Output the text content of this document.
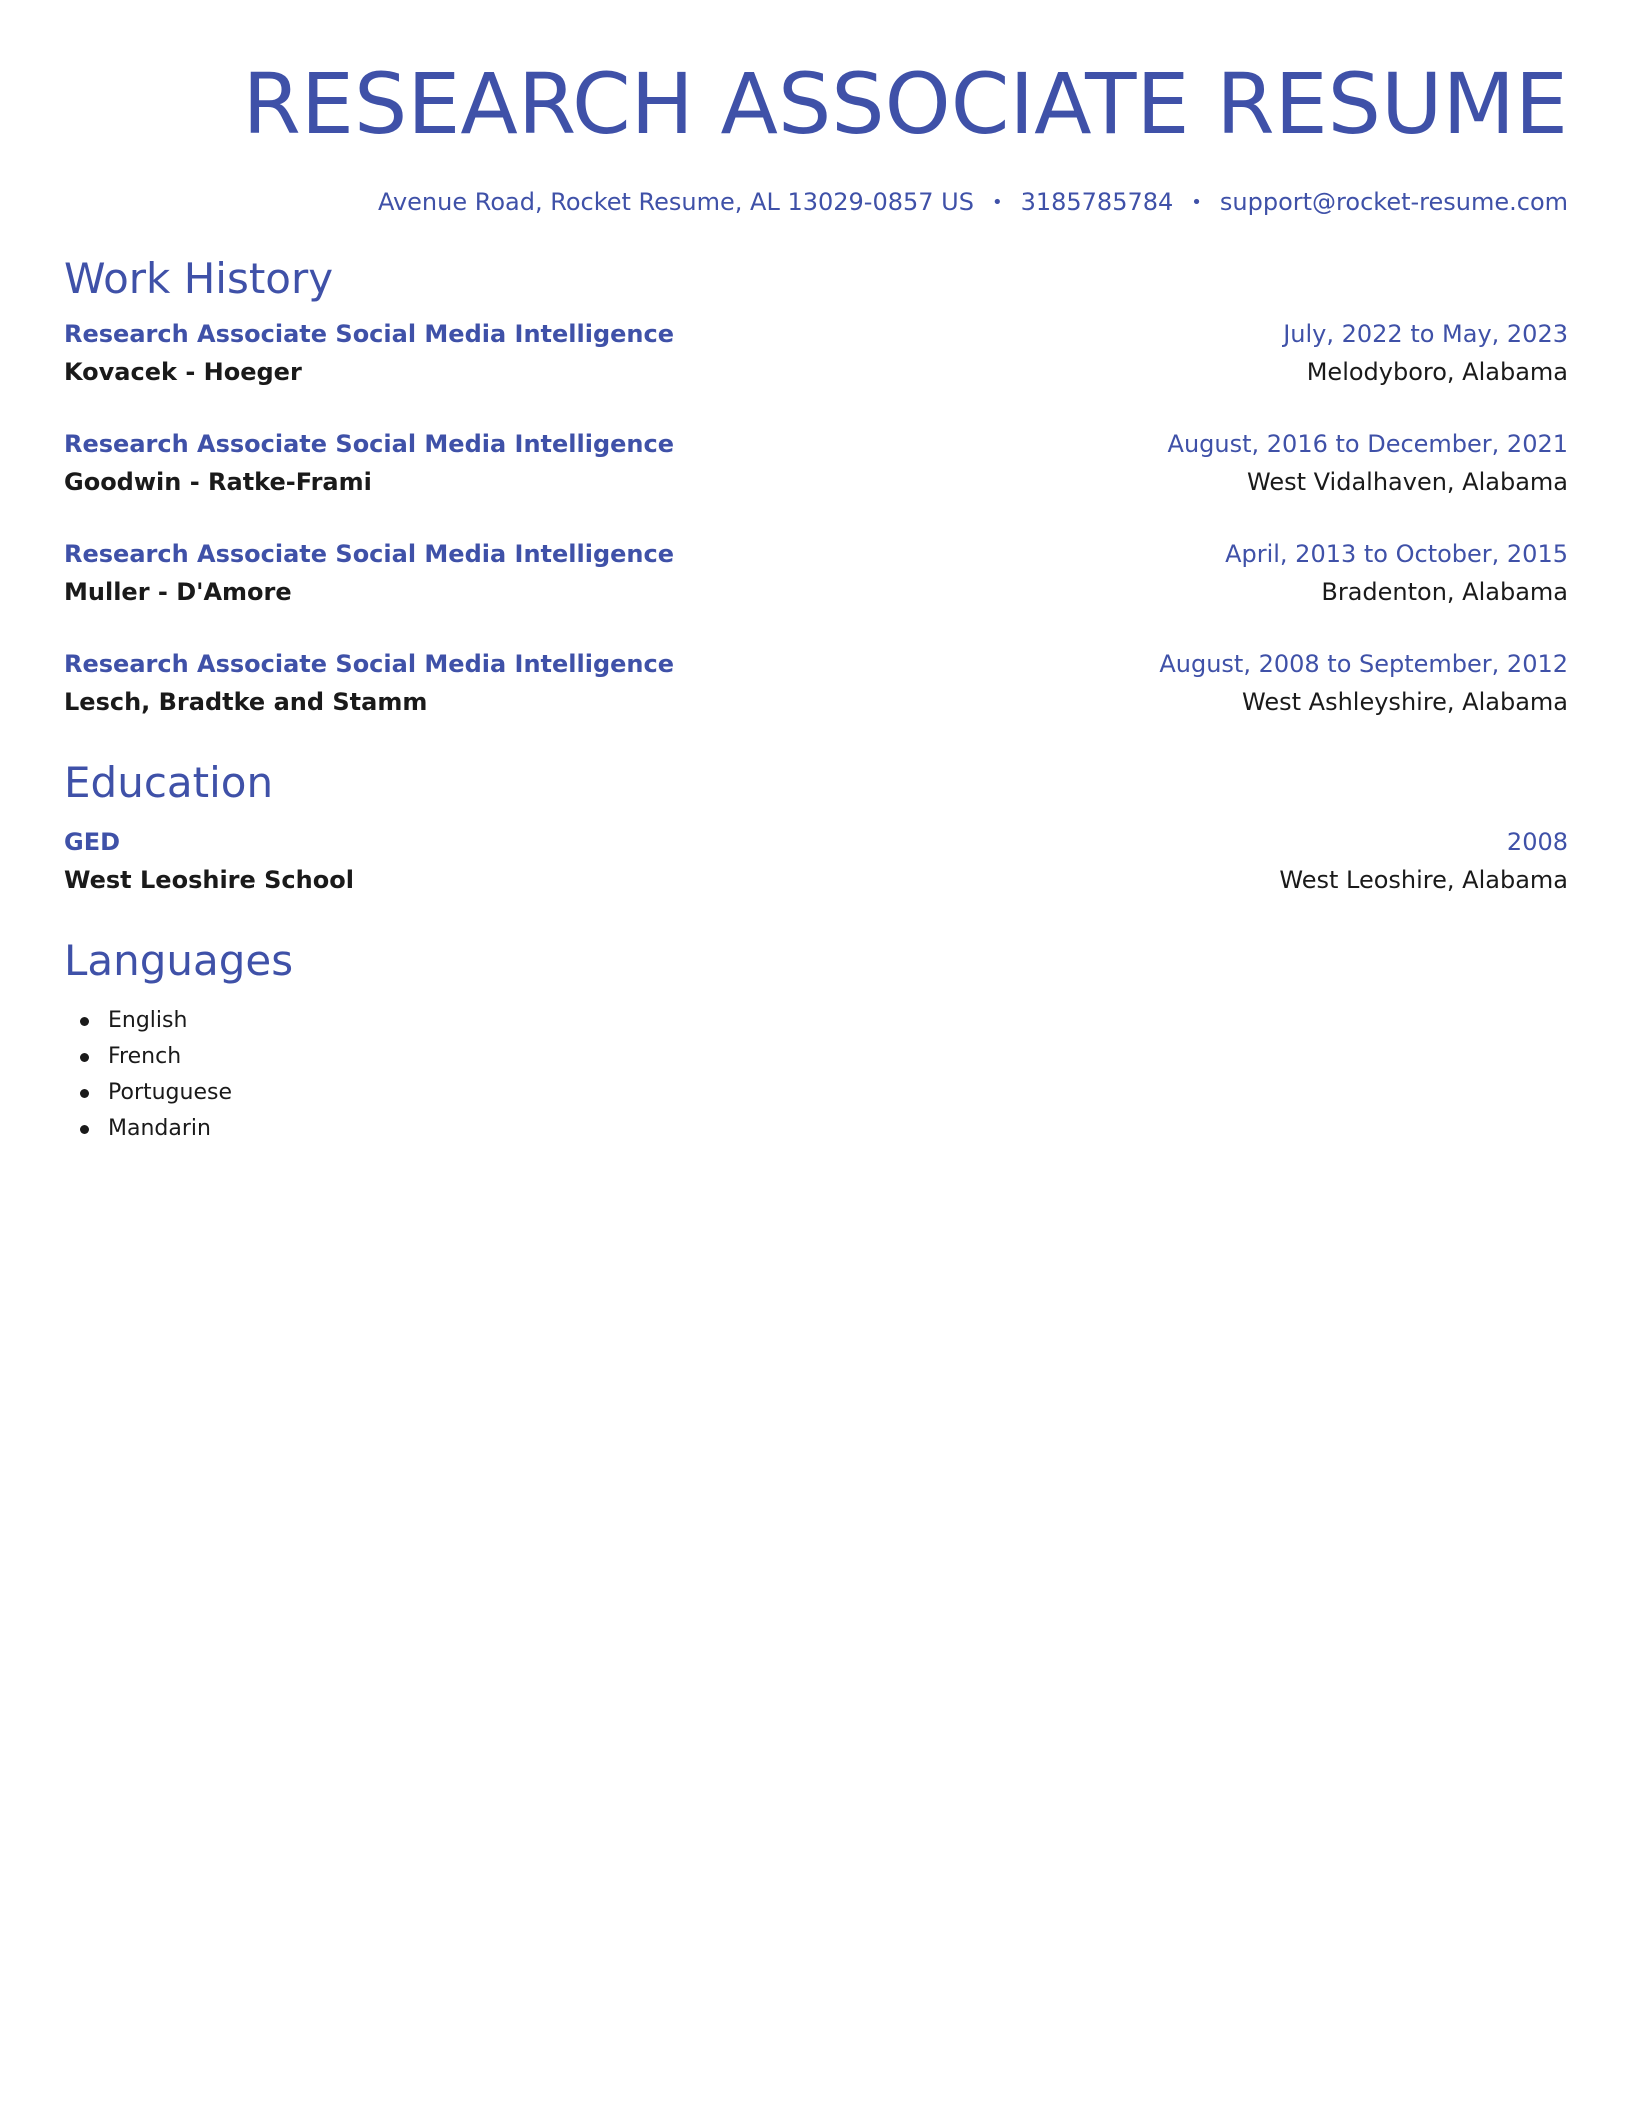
RESEARCH ASSOCIATE RESUME
Avenue Road, Rocket Resume, AL 13029-0857 US • 3185785784 • support@rocket-resume.com
Work History
Research Associate Social Media Intelligence
Kovacek - Hoeger
July, 2022 to May, 2023
Melodyboro, Alabama
Research Associate Social Media Intelligence
Goodwin - Ratke-Frami
August, 2016 to December, 2021
West Vidalhaven, Alabama
Research Associate Social Media Intelligence
Muller - D'Amore
April, 2013 to October, 2015
Bradenton, Alabama
Research Associate Social Media Intelligence
Lesch, Bradtke and Stamm
August, 2008 to September, 2012
West Ashleyshire, Alabama
Education
GED
West Leoshire School
2008
West Leoshire, Alabama
Languages
English
French
Portuguese
Mandarin
